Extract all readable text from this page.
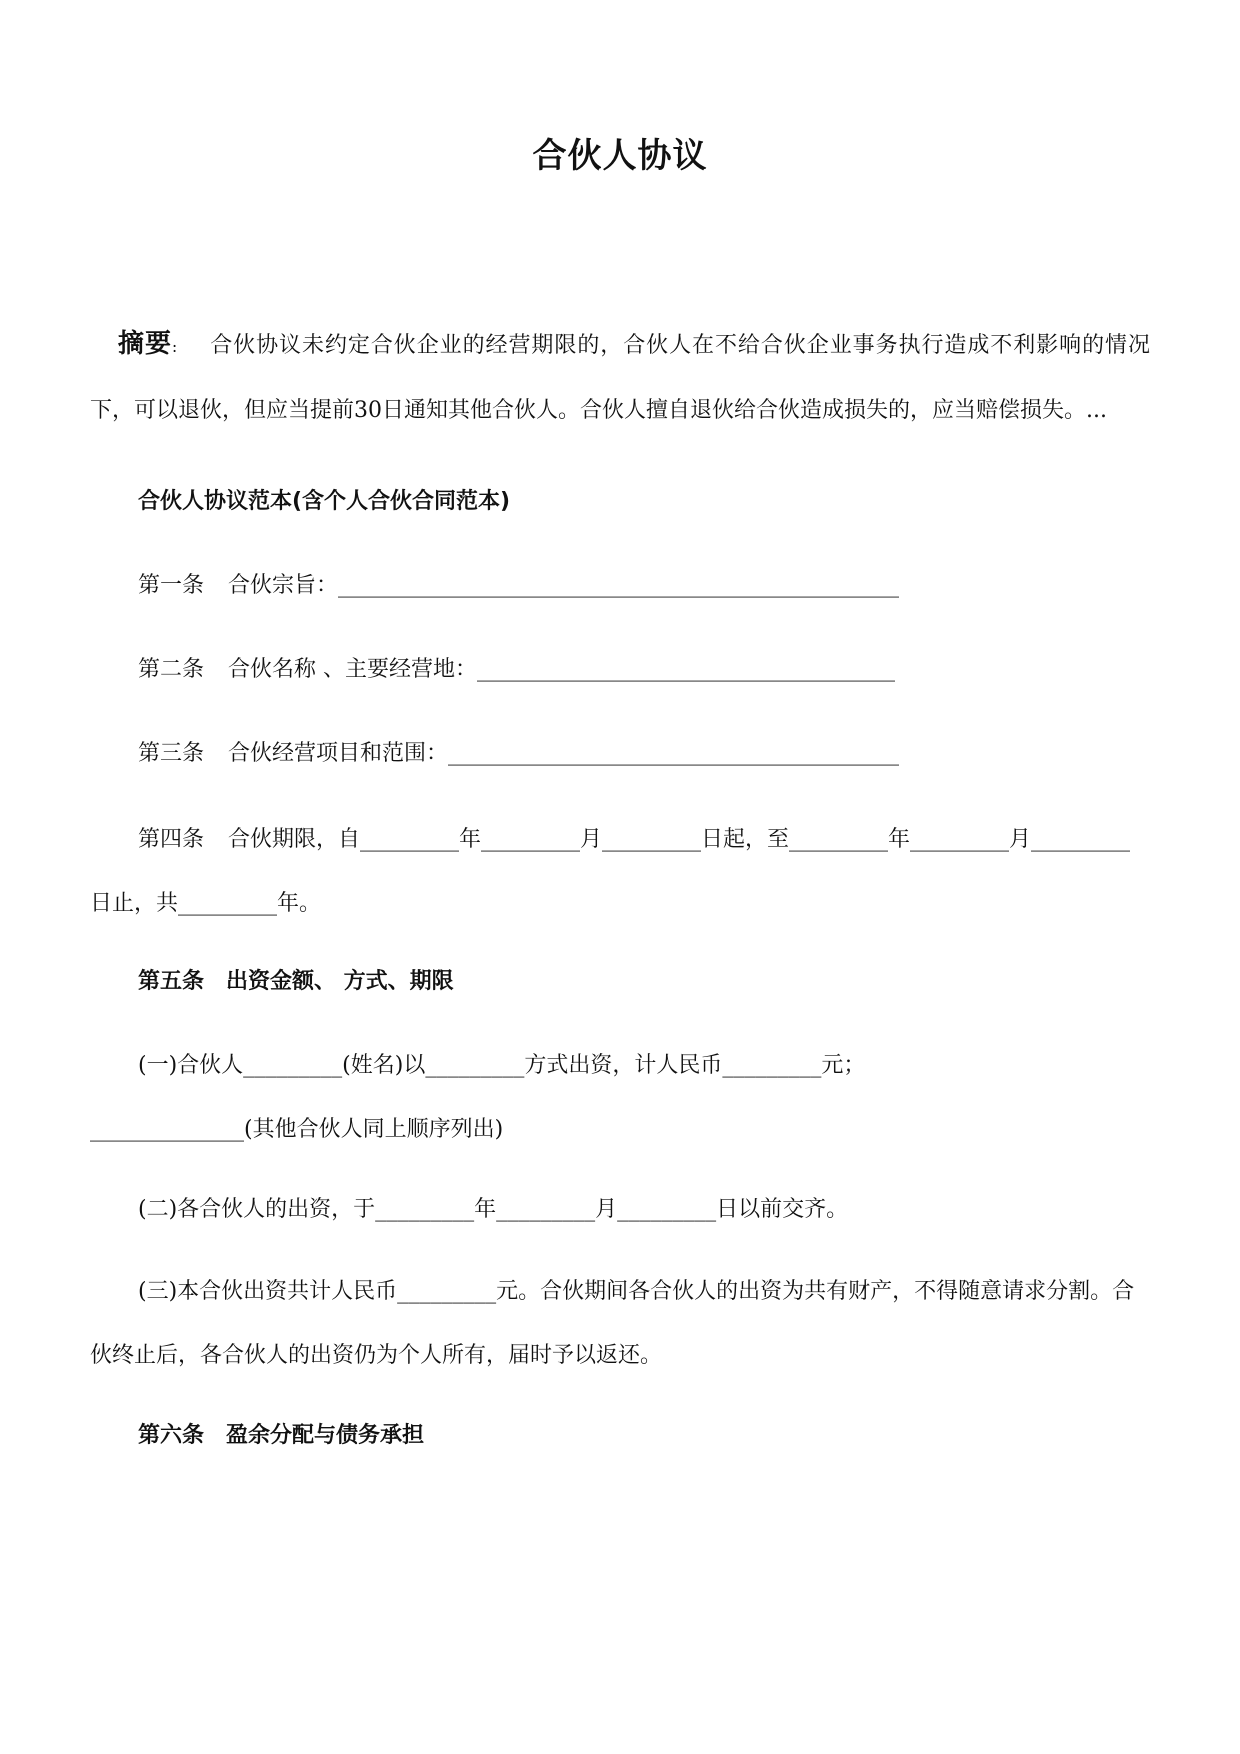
合伙人协议

摘要: 合伙协议未约定合伙企业的经营期限的，合伙人在不给合伙企业事务执行造成不利影响的情况下，可以退伙，但应当提前30日通知其他合伙人。合伙人擅自退伙给合伙造成损失的，应当赔偿损失。...

合伙人协议范本(含个人合伙合同范本)

第一条 合伙宗旨：___________________________________________________

第二条 合伙名称 、主要经营地：______________________________________

第三条 合伙经营项目和范围：_________________________________________

第四条 合伙期限，自_________年_________月_________日起，至_________年_________月_________日止，共_________年。

第五条　出资金额、 方式、期限

(一)合伙人_________(姓名)以_________方式出资，计人民币_________元；

______________(其他合伙人同上顺序列出)

(二)各合伙人的出资，于_________年_________月_________日以前交齐。

(三)本合伙出资共计人民币_________元。合伙期间各合伙人的出资为共有财产，不得随意请求分割。合伙终止后，各合伙人的出资仍为个人所有，届时予以返还。

第六条　盈余分配与债务承担
